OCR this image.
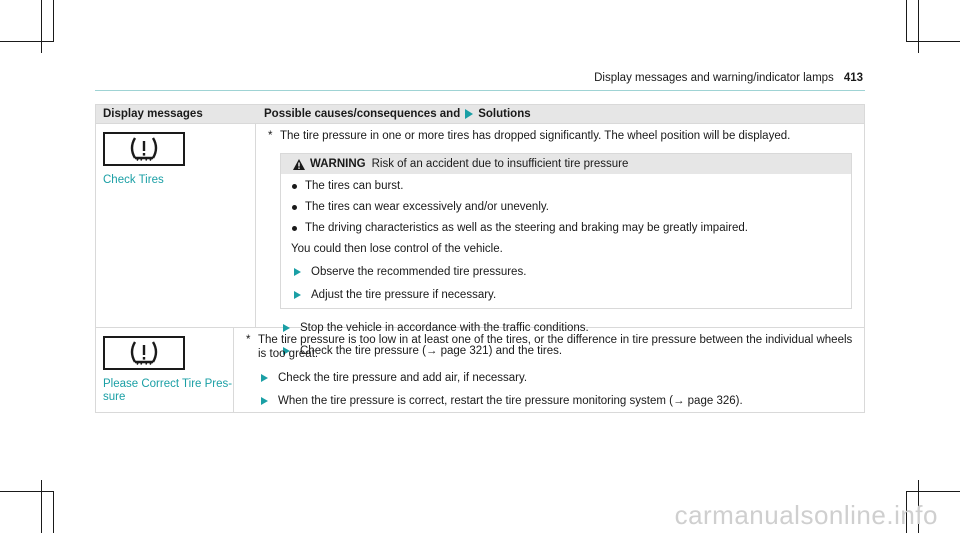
Display messages and warning/indicator lamps 413
Display messages	Possible causes/consequences and Solutions
Check Tires
* The tire pressure in one or more tires has dropped significantly. The wheel position will be displayed.
WARNING Risk of an accident due to insufficient tire pressure
The tires can burst.
The tires can wear excessively and/or unevenly.
The driving characteristics as well as the steering and braking may be greatly impaired.
You could then lose control of the vehicle.
Observe the recommended tire pressures.
Adjust the tire pressure if necessary.
Stop the vehicle in accordance with the traffic conditions.
Check the tire pressure (→ page 321) and the tires.
Please Correct Tire Pres- sure
* The tire pressure is too low in at least one of the tires, or the difference in tire pressure between the individual wheels is too great.
Check the tire pressure and add air, if necessary.
When the tire pressure is correct, restart the tire pressure monitoring system (→ page 326).
carmanualsonline.info
